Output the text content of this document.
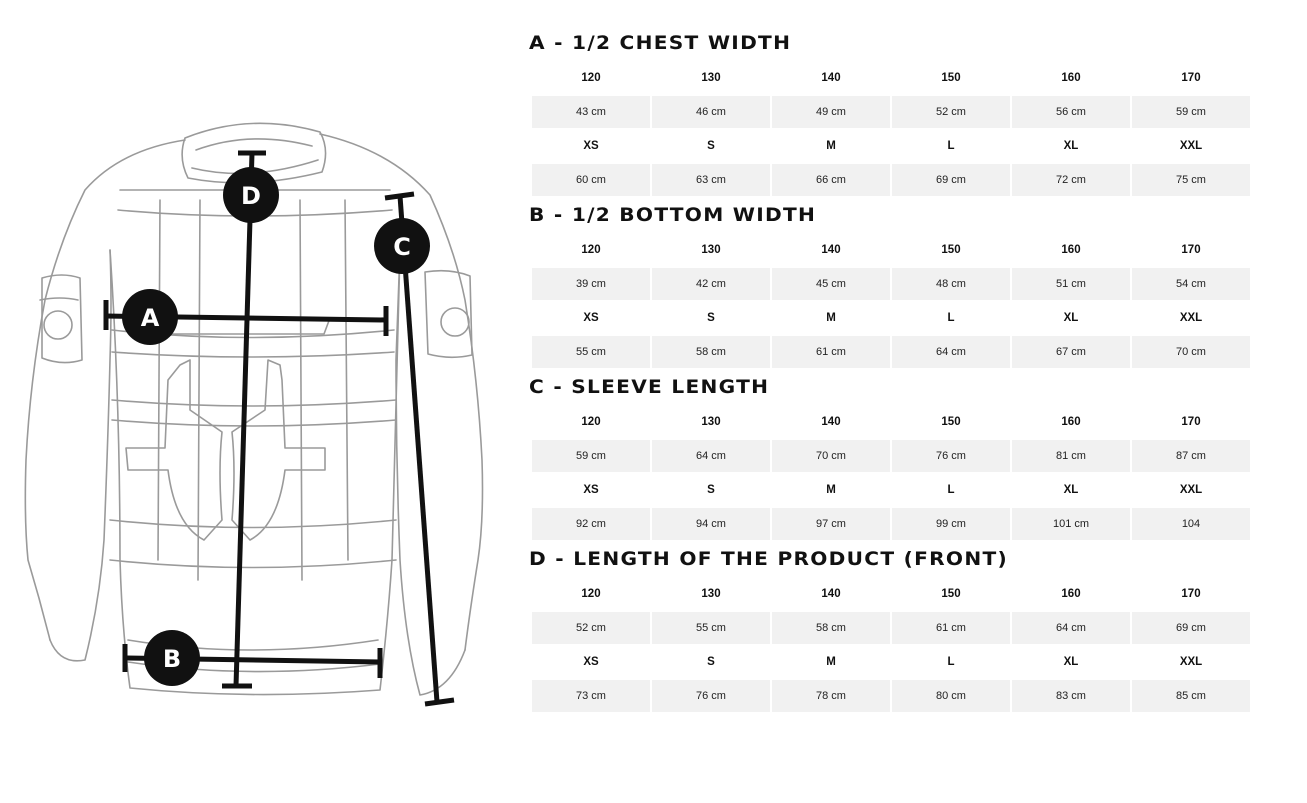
A
B
C
D
A - 1/2 CHEST WIDTH
120	130	140	150	160	170
43 cm	46 cm	49 cm	52 cm	56 cm	59 cm
XS	S	M	L	XL	XXL
60 cm	63 cm	66 cm	69 cm	72 cm	75 cm
B - 1/2 BOTTOM WIDTH
120	130	140	150	160	170
39 cm	42 cm	45 cm	48 cm	51 cm	54 cm
XS	S	M	L	XL	XXL
55 cm	58 cm	61 cm	64 cm	67 cm	70 cm
C - SLEEVE LENGTH
120	130	140	150	160	170
59 cm	64 cm	70 cm	76 cm	81 cm	87 cm
XS	S	M	L	XL	XXL
92 cm	94 cm	97 cm	99 cm	101 cm	104
D - LENGTH OF THE PRODUCT (FRONT)
120	130	140	150	160	170
52 cm	55 cm	58 cm	61 cm	64 cm	69 cm
XS	S	M	L	XL	XXL
73 cm	76 cm	78 cm	80 cm	83 cm	85 cm
